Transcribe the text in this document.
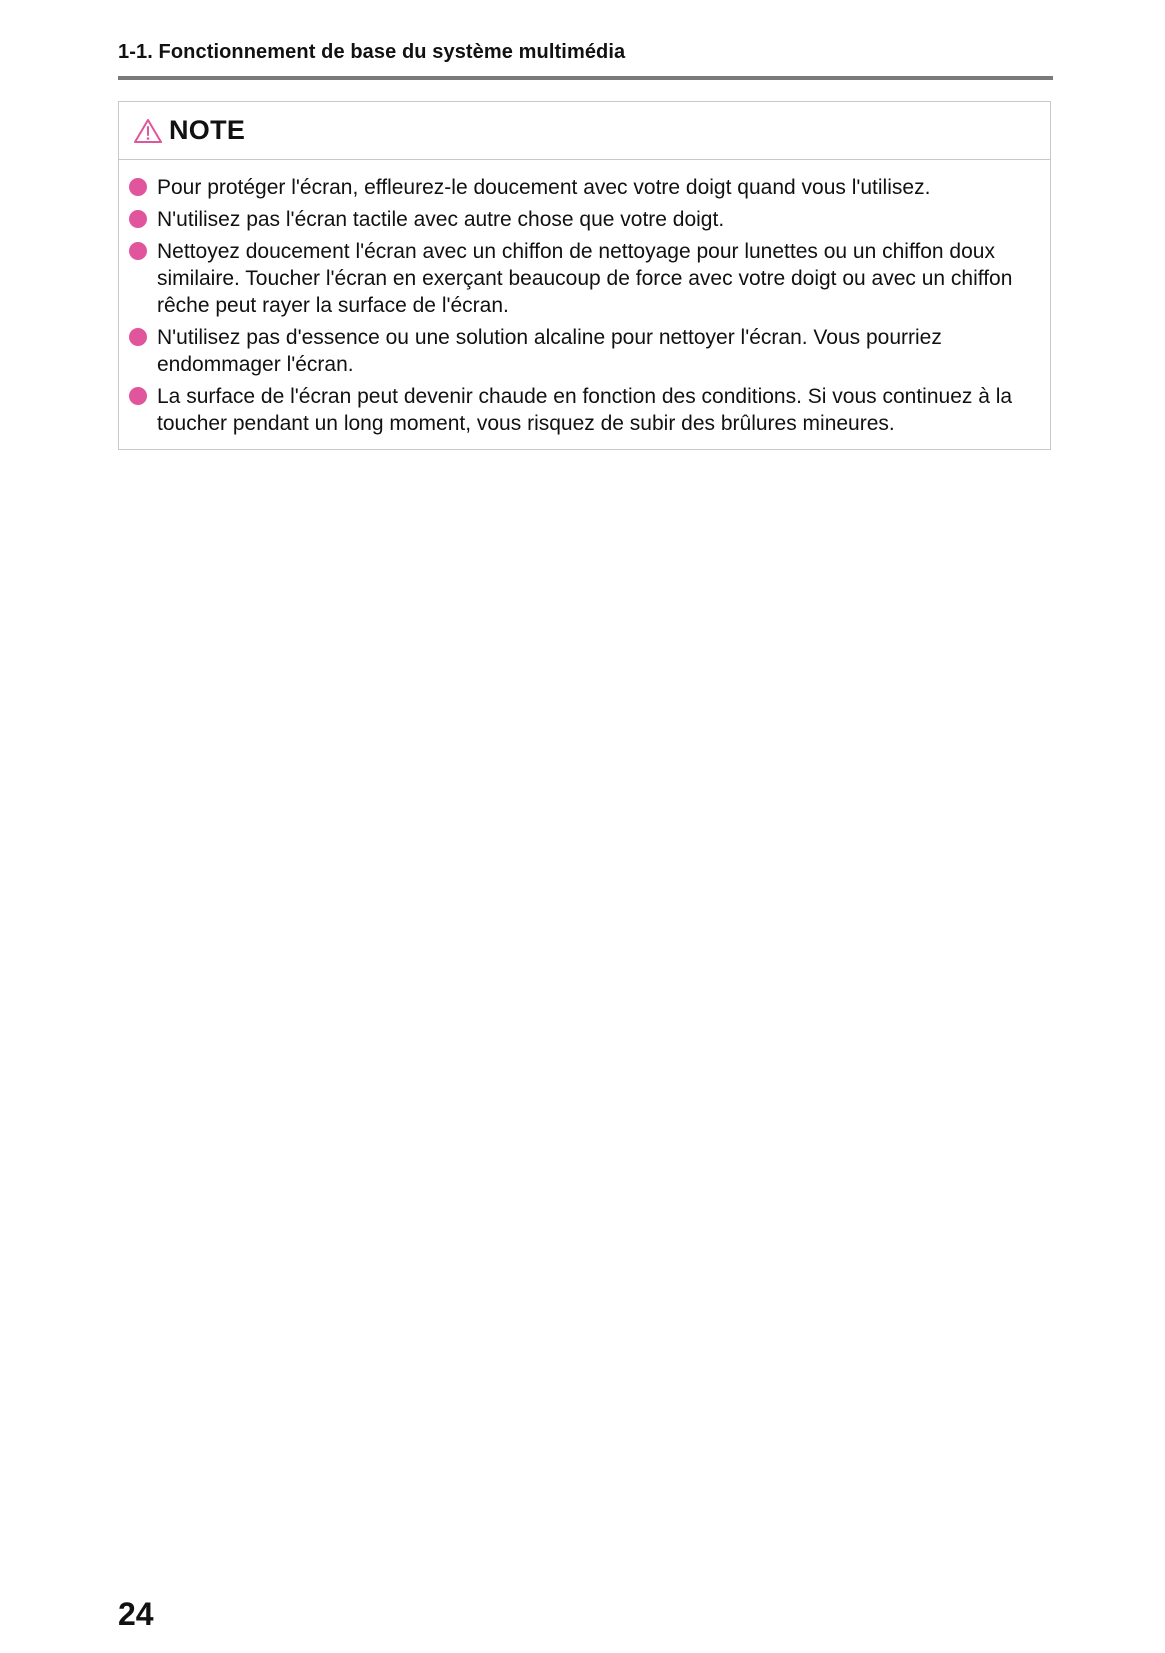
1-1. Fonctionnement de base du système multimédia
NOTE
Pour protéger l'écran, effleurez-le doucement avec votre doigt quand vous l'utilisez.
N'utilisez pas l'écran tactile avec autre chose que votre doigt.
Nettoyez doucement l'écran avec un chiffon de nettoyage pour lunettes ou un chiffon doux similaire. Toucher l'écran en exerçant beaucoup de force avec votre doigt ou avec un chiffon rêche peut rayer la surface de l'écran.
N'utilisez pas d'essence ou une solution alcaline pour nettoyer l'écran. Vous pourriez endommager l'écran.
La surface de l'écran peut devenir chaude en fonction des conditions. Si vous continuez à la toucher pendant un long moment, vous risquez de subir des brûlures mineures.
24
